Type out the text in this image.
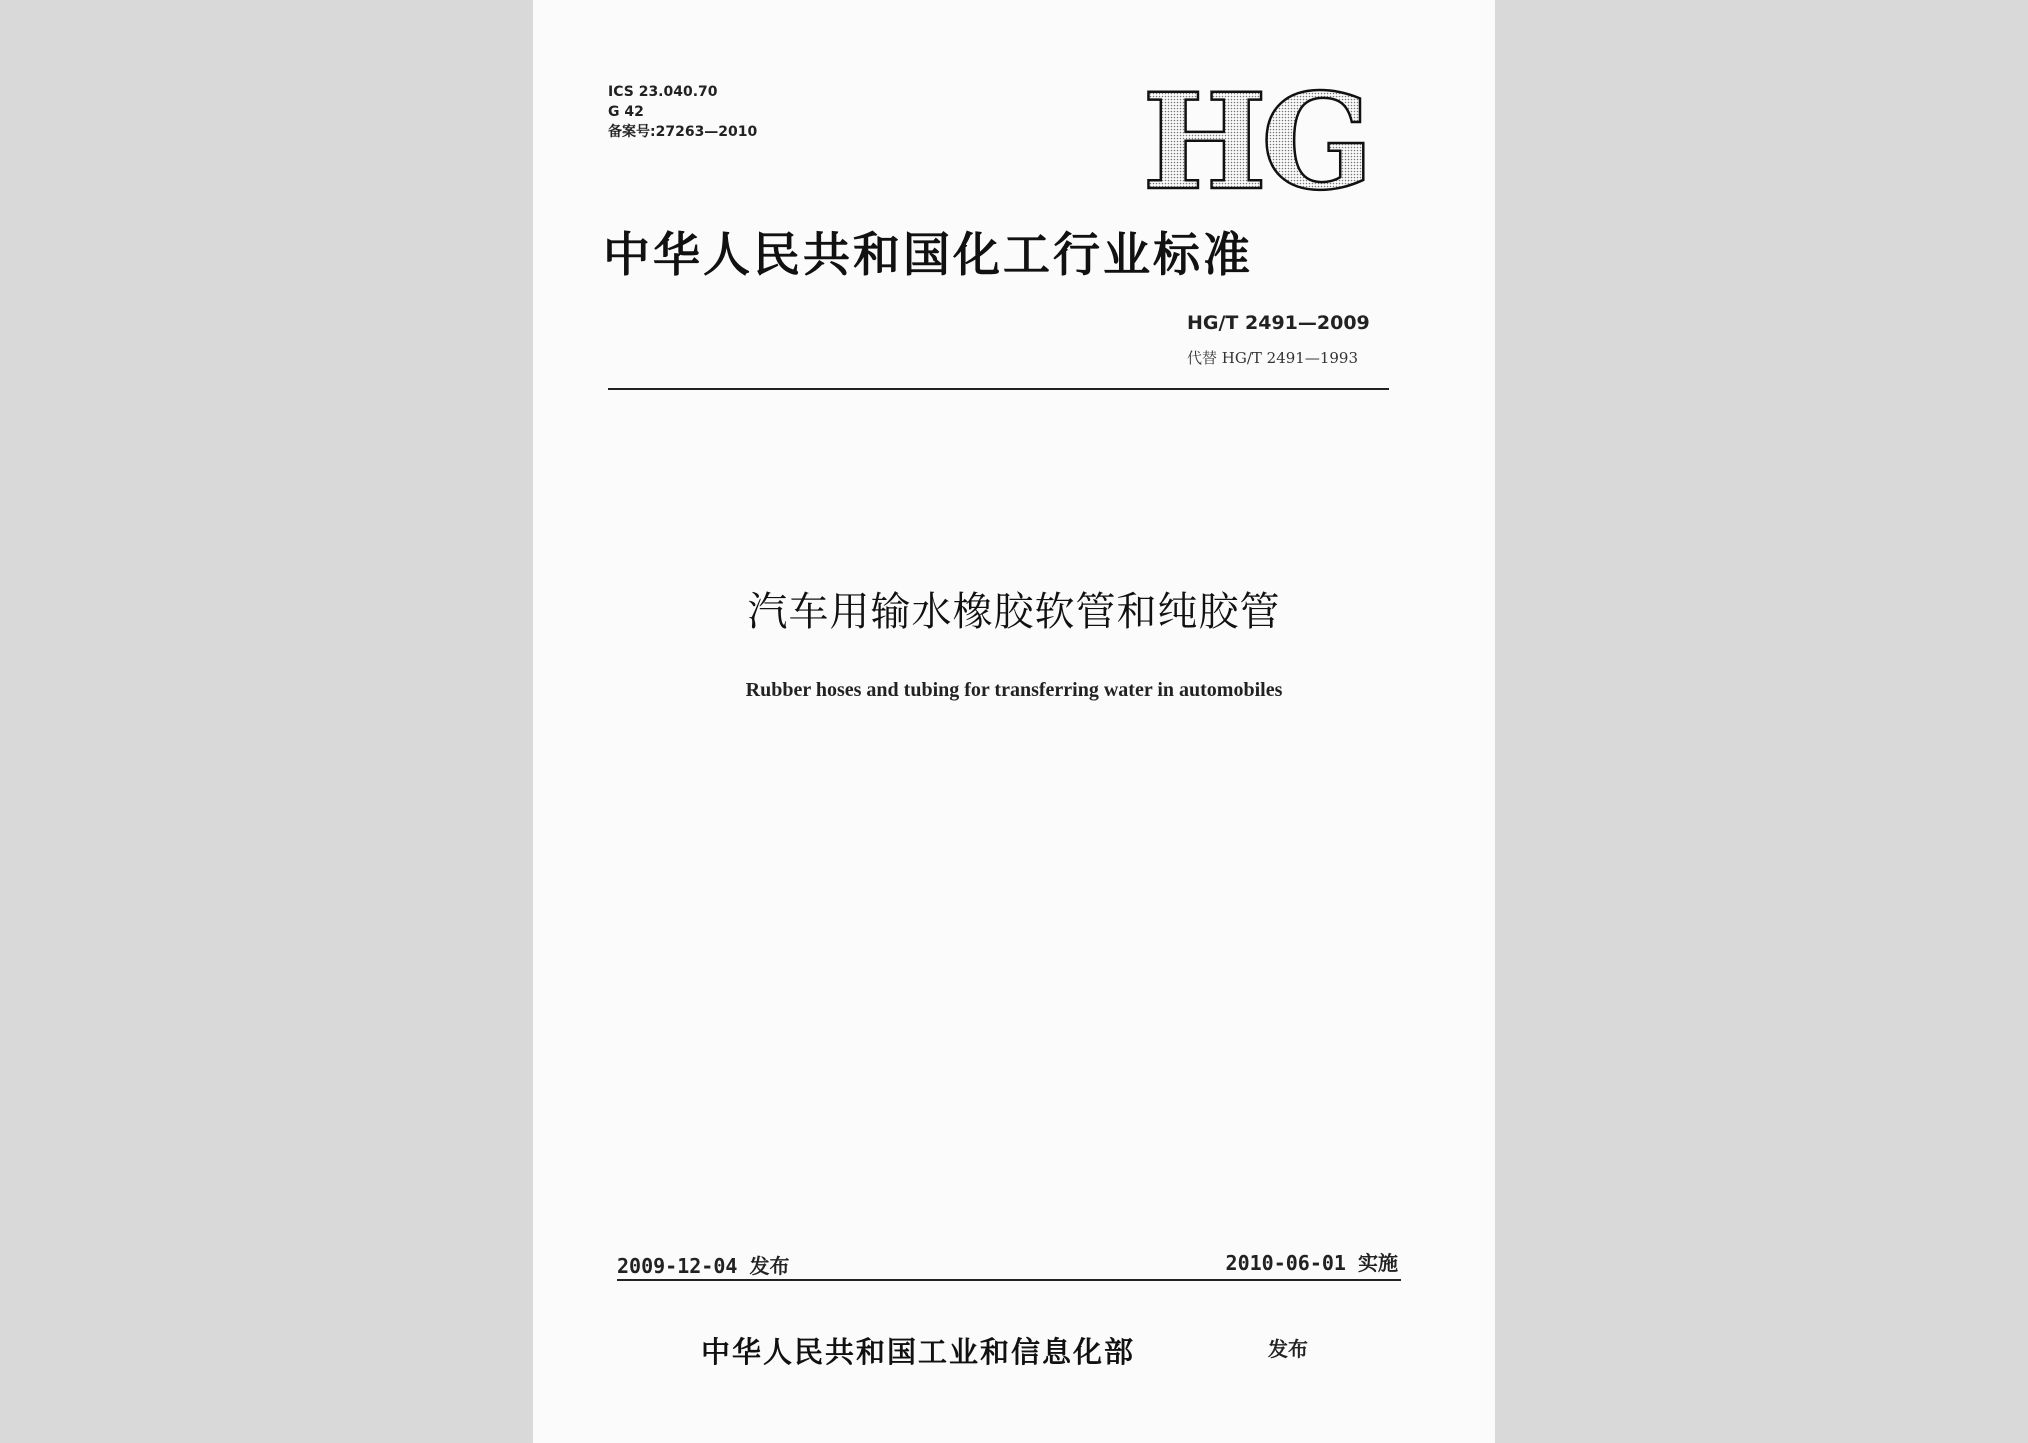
ICS 23.040.70
G 42
备案号:27263—2010	HG
中华人民共和国化工行业标准
HG/T 2491—2009
代替 HG/T 2491—1993
汽车用输水橡胶软管和纯胶管
Rubber hoses and tubing for transferring water in automobiles
2009-12-04 发布	2010-06-01 实施
中华人民共和国工业和信息化部	发布
